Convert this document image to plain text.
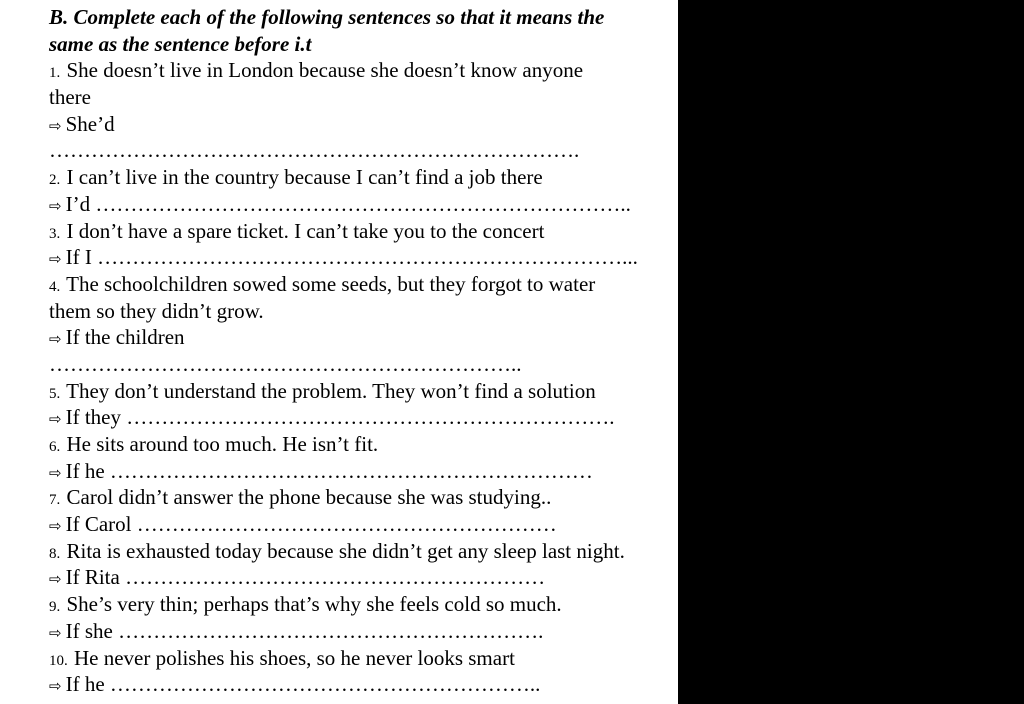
B. Complete each of the following sentences so that it means the
same as the sentence before i.t
1. She doesn’t live in London because she doesn’t know anyone
there
⇨ She’d
………………………………………………………………….
2. I can’t live in the country because I can’t find a job there
⇨ I’d …………………………………………………………………..
3. I don’t have a spare ticket. I can’t take you to the concert
⇨ If I …………………………………………………………………...
4. The schoolchildren sowed some seeds, but they forgot to water
them so they didn’t grow.
⇨ If the children
…………………………………………………………..
5. They don’t understand the problem. They won’t find a solution
⇨ If they …………………………………………………………….
6. He sits around too much. He isn’t fit.
⇨ If he ……………………………………………………………
7. Carol didn’t answer the phone because she was studying..
⇨ If Carol ……………………………………………………
8. Rita is exhausted today because she didn’t get any sleep last night.
⇨ If Rita ……………………………………………………
9. She’s very thin; perhaps that’s why she feels cold so much.
⇨ If she …………………………………………………….
10. He never polishes his shoes, so he never looks smart
⇨ If he ……………………………………………………..
